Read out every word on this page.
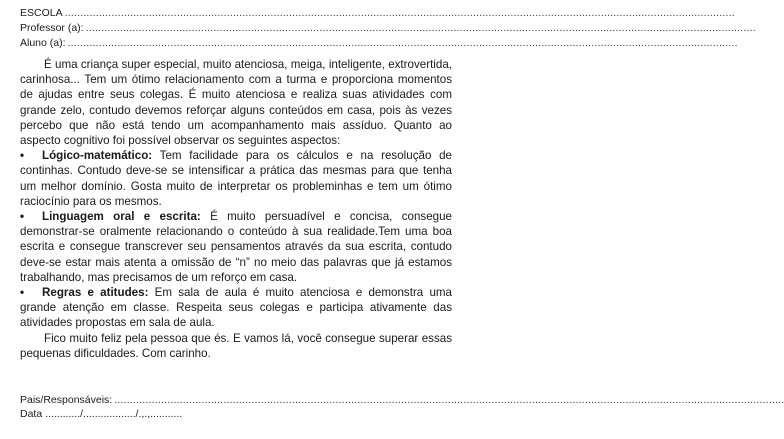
ESCOLA .......................................................................................................................................................................................................................
Professor (a): .......................................................................................................................................................................................................................
Aluno (a): .......................................................................................................................................................................................................................

É uma criança super especial, muito atenciosa, meiga, inteligente, extrovertida, carinhosa... Tem um ótimo relacionamento com a turma e proporciona momentos de ajudas entre seus colegas. É muito atenciosa e realiza suas atividades com grande zelo, contudo devemos reforçar alguns conteúdos em casa, pois às vezes percebo que não está tendo um acompanhamento mais assíduo. Quanto ao aspecto cognitivo foi possível observar os seguintes aspectos:

• Lógico-matemático: Tem facilidade para os cálculos e na resolução de continhas. Contudo deve-se se intensificar a prática das mesmas para que tenha um melhor domínio. Gosta muito de interpretar os probleminhas e tem um ótimo raciocínio para os mesmos.

• Linguagem oral e escrita: É muito persuadível e concisa, consegue demonstrar-se oralmente relacionando o conteúdo à sua realidade.Tem uma boa escrita e consegue transcrever seu pensamentos através da sua escrita, contudo deve-se estar mais atenta a omissão de “n” no meio das palavras que já estamos trabalhando, mas precisamos de um reforço em casa.

• Regras e atitudes: Em sala de aula é muito atenciosa e demonstra uma grande atenção em classe. Respeita seus colegas e participa ativamente das atividades propostas em sala de aula.

Fico muito feliz pela pessoa que és. E vamos lá, você consegue superar essas pequenas dificuldades. Com carinho.

Pais/Responsáveis: .......................................................................................................................................................................................................................
Data ............/................../.,.,...........
